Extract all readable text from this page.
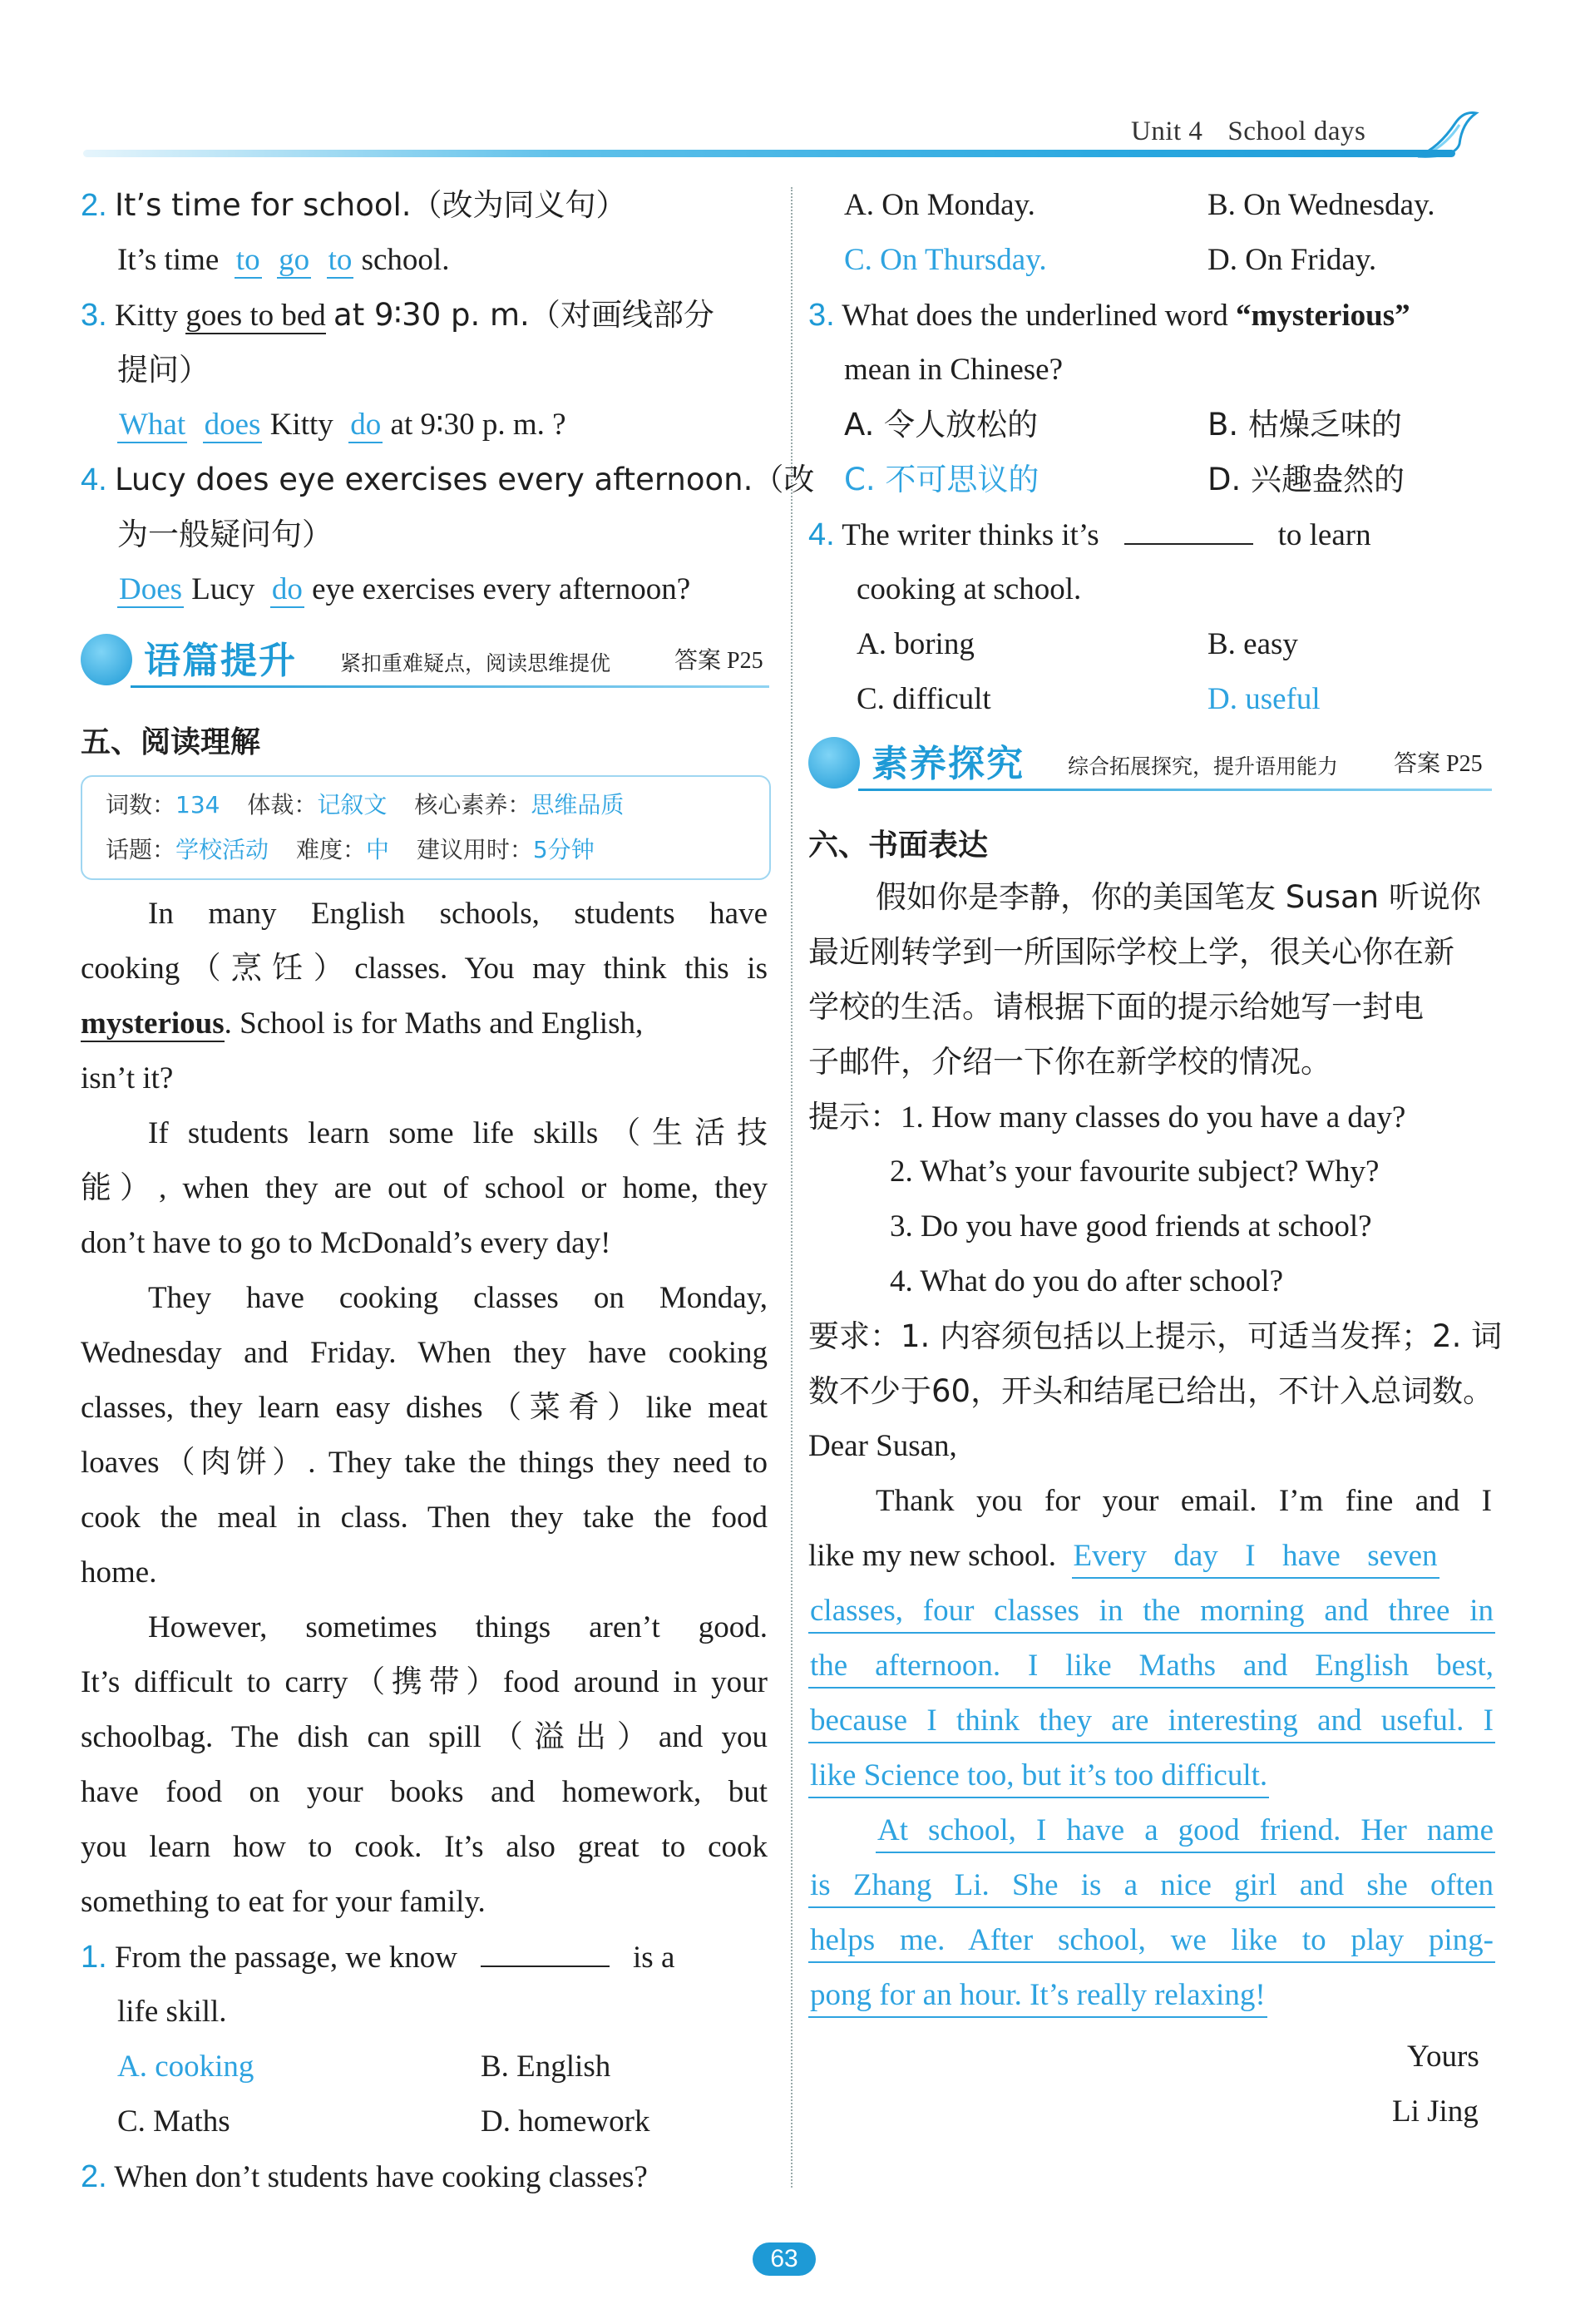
Unit 4 School days
2. It’s time for school.（改为同义句）
It’s time to go to school.
3. Kitty goes to bed at 9∶30 p. m.（对画线部分
提问）
What does Kitty do at 9∶30 p. m. ?
4. Lucy does eye exercises every afternoon.（改
为一般疑问句）
Does Lucy do eye exercises every afternoon?
语篇提升 紧扣重难疑点，阅读思维提优	答案 P25
五、阅读理解
词数：134 体裁：记叙文 核心素养：思维品质
话题：学校活动 难度：中 建议用时：5分钟
In many English schools, students have
cooking（烹饪）classes. You may think this is
mysterious. School is for Maths and English,
isn’t it?
If students learn some life skills（生活技
能）, when they are out of school or home, they
don’t have to go to McDonald’s every day!
They have cooking classes on Monday,
Wednesday and Friday. When they have cooking
classes, they learn easy dishes（菜肴）like meat
loaves（肉饼）. They take the things they need to
cook the meal in class. Then they take the food
home.
However, sometimes things aren’t good.
It’s difficult to carry（携带）food around in your
schoolbag. The dish can spill（溢出）and you
have food on your books and homework, but
you learn how to cook. It’s also great to cook
something to eat for your family.
1. From the passage, we know	is a
life skill.
A. cooking	B. English
C. Maths	D. homework
2. When don’t students have cooking classes?
A. On Monday.	B. On Wednesday.
C. On Thursday.	D. On Friday.
3. What does the underlined word “mysterious”
mean in Chinese?
A. 令人放松的	B. 枯燥乏味的
C. 不可思议的	D. 兴趣盎然的
4. The writer thinks it’s	to learn
cooking at school.
A. boring	B. easy
C. difficult	D. useful
素养探究 综合拓展探究，提升语用能力 答案 P25
六、书面表达
假如你是李静，你的美国笔友 Susan 听说你
最近刚转学到一所国际学校上学，很关心你在新
学校的生活。请根据下面的提示给她写一封电
子邮件，介绍一下你在新学校的情况。
提示：1. How many classes do you have a day?
2. What’s your favourite subject? Why?
3. Do you have good friends at school?
4. What do you do after school?
要求：1. 内容须包括以上提示，可适当发挥；2. 词
数不少于60，开头和结尾已给出，不计入总词数。
Dear Susan,
Thank you for your email. I’m fine and I
like my new school. Every day I have seven
classes, four classes in the morning and three in
the afternoon. I like Maths and English best,
because I think they are interesting and useful. I
like Science too, but it’s too difficult.
At school, I have a good friend. Her name
is Zhang Li. She is a nice girl and she often
helps me. After school, we like to play ping-
pong for an hour. It’s really relaxing!
Yours
Li Jing
63
